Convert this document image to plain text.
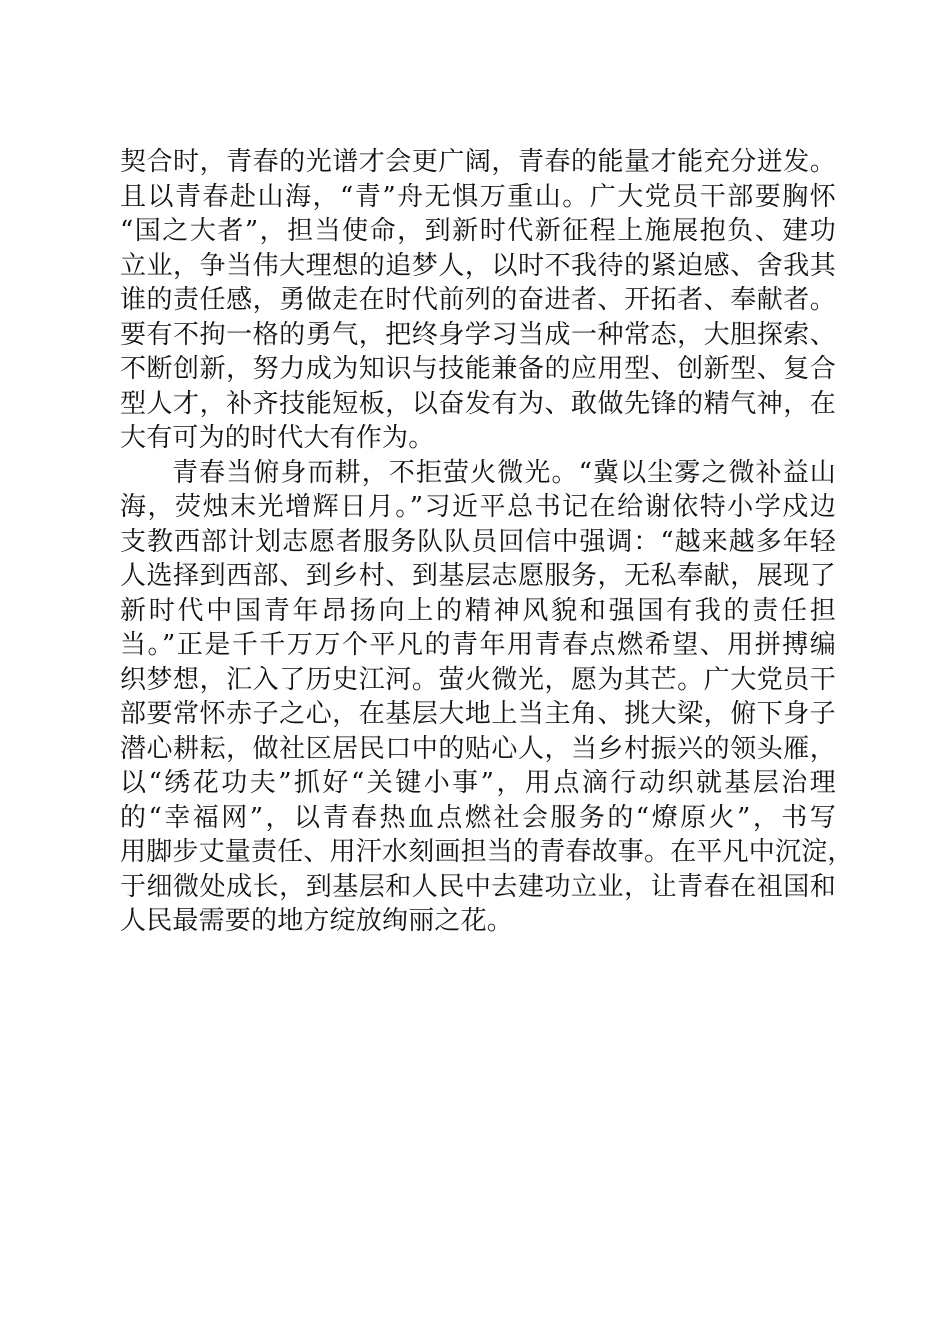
契合时，青春的光谱才会更广阔，青春的能量才能充分迸发。
且以青春赴山海，“青”舟无惧万重山。广大党员干部要胸怀
“国之大者”，担当使命，到新时代新征程上施展抱负、建功
立业，争当伟大理想的追梦人，以时不我待的紧迫感、舍我其
谁的责任感，勇做走在时代前列的奋进者、开拓者、奉献者。
要有不拘一格的勇气，把终身学习当成一种常态，大胆探索、
不断创新，努力成为知识与技能兼备的应用型、创新型、复合
型人才，补齐技能短板，以奋发有为、敢做先锋的精气神，在
大有可为的时代大有作为。
青春当俯身而耕，不拒萤火微光。“冀以尘雾之微补益山
海，荧烛末光增辉日月。”习近平总书记在给谢依特小学戍边
支教西部计划志愿者服务队队员回信中强调：“越来越多年轻
人选择到西部、到乡村、到基层志愿服务，无私奉献，展现了
新时代中国青年昂扬向上的精神风貌和强国有我的责任担
当。”正是千千万万个平凡的青年用青春点燃希望、用拼搏编
织梦想，汇入了历史江河。萤火微光，愿为其芒。广大党员干
部要常怀赤子之心，在基层大地上当主角、挑大梁，俯下身子
潜心耕耘，做社区居民口中的贴心人，当乡村振兴的领头雁，
以“绣花功夫”抓好“关键小事”，用点滴行动织就基层治理
的“幸福网”，以青春热血点燃社会服务的“燎原火”，书写
用脚步丈量责任、用汗水刻画担当的青春故事。在平凡中沉淀，
于细微处成长，到基层和人民中去建功立业，让青春在祖国和
人民最需要的地方绽放绚丽之花。
